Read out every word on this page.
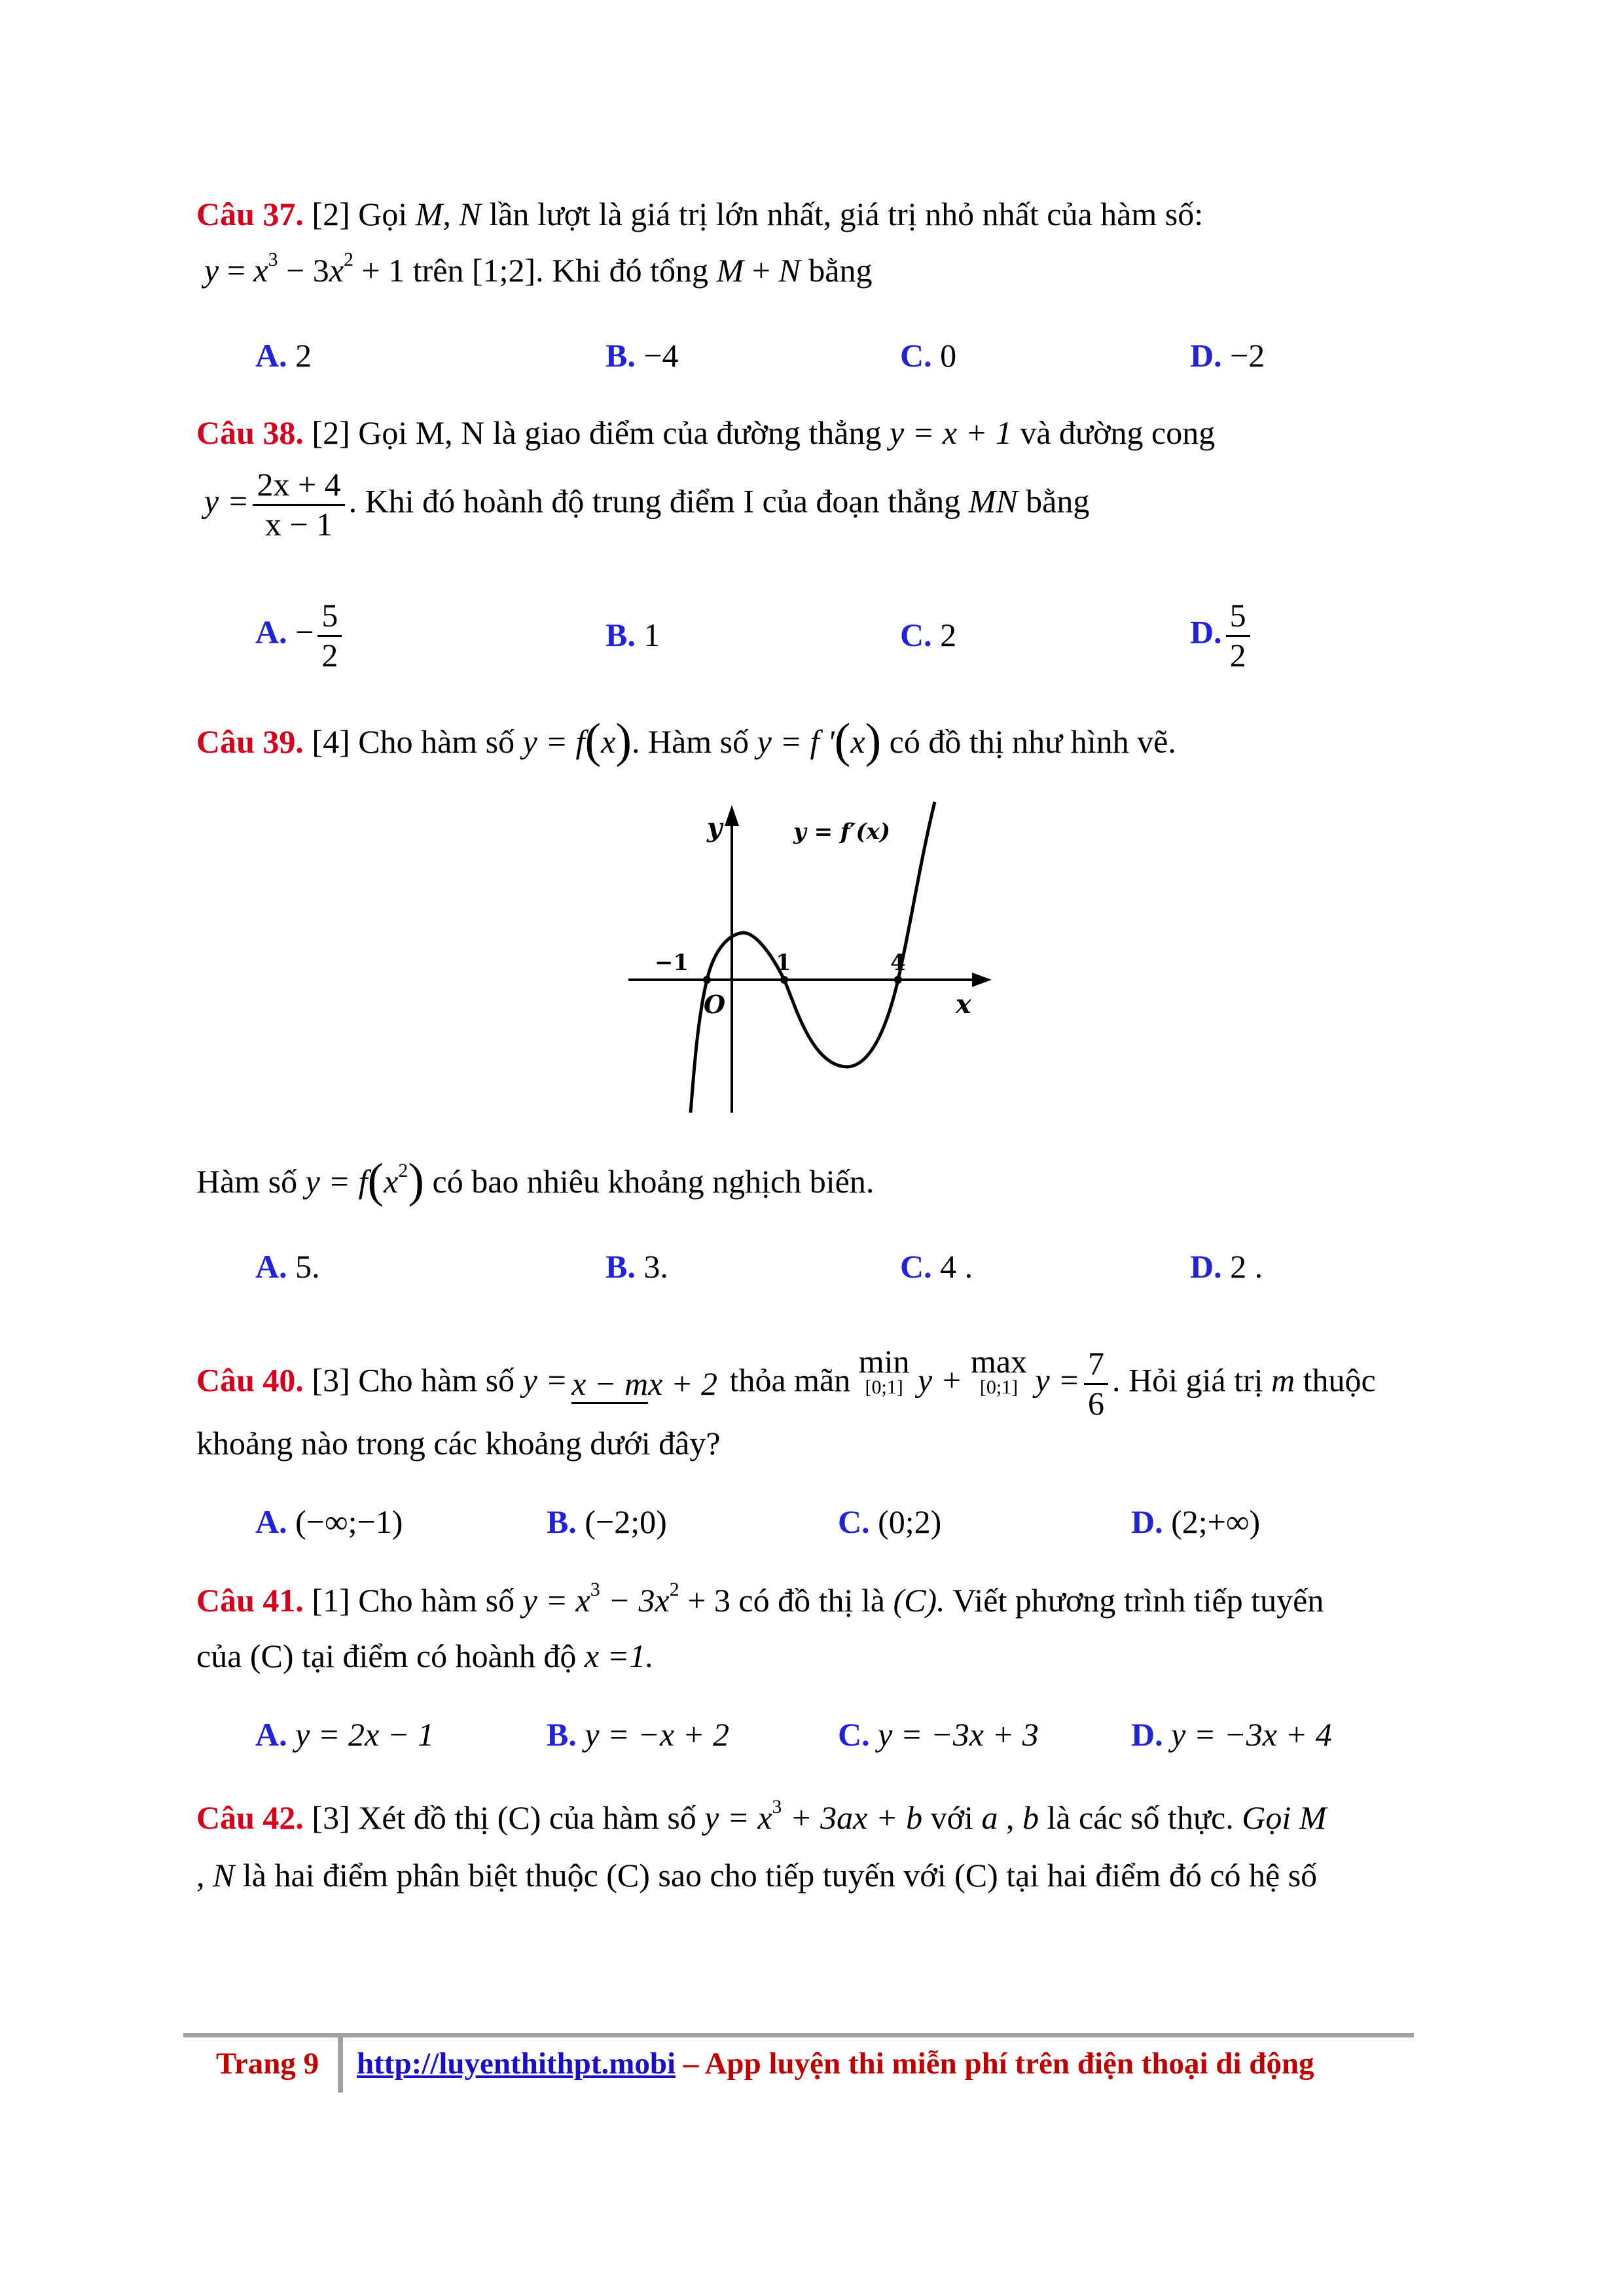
Câu 37. [2] Gọi M, N lần lượt là giá trị lớn nhất, giá trị nhỏ nhất của hàm số:
$y = x^3 - 3x^2 + 1$ trên [1;2]. Khi đó tổng M + N bằng
A. 2	B. −4	C. 0	D. −2
Câu 38. [2] Gọi M, N là giao điểm của đường thẳng y = x + 1 và đường cong
$y = \frac{2x + 4}{x - 1}$ . Khi đó hoành độ trung điểm I của đoạn thẳng MN bằng
A. − $\frac{5}{2}$	B. 1	C. 2	D. $\frac{5}{2}$
Câu 39. [4] Cho hàm số y = f(x). Hàm số y = f '(x) có đồ thị như hình vẽ.
y
x
O
y = f′(x)
−1	1	4
Hàm số $y = f(x^2)$ có bao nhiêu khoảng nghịch biến.
A. 5.	B. 3.	C. 4 .	D. 2 .
Câu 40. [3] Cho hàm số y = x − mx + 2 thỏa mãn
min
[0;1] y +
max
[0;1] $y = \frac{7}{6}$ . Hỏi giá trị m thuộc
khoảng nào trong các khoảng dưới đây?
A. (−∞;−1)	B. (−2;0)	C. (0;2)	D. (2;+∞)
Câu 41. [1] Cho hàm số $y = x^3 - 3x^2 + 3$ có đồ thị là (C). Viết phương trình tiếp tuyến
của (C) tại điểm có hoành độ x =1.
A. y = 2x − 1	B. y = −x + 2	C. y = −3x + 3	D. y = −3x + 4
Câu 42. [3] Xét đồ thị (C) của hàm số $y = x^3 + 3ax + b$ với a , b là các số thực. Gọi M
, N là hai điểm phân biệt thuộc (C) sao cho tiếp tuyến với (C) tại hai điểm đó có hệ số
Trang 9 http://luyenthithpt.mobi – App luyện thi miễn phí trên điện thoại di động
